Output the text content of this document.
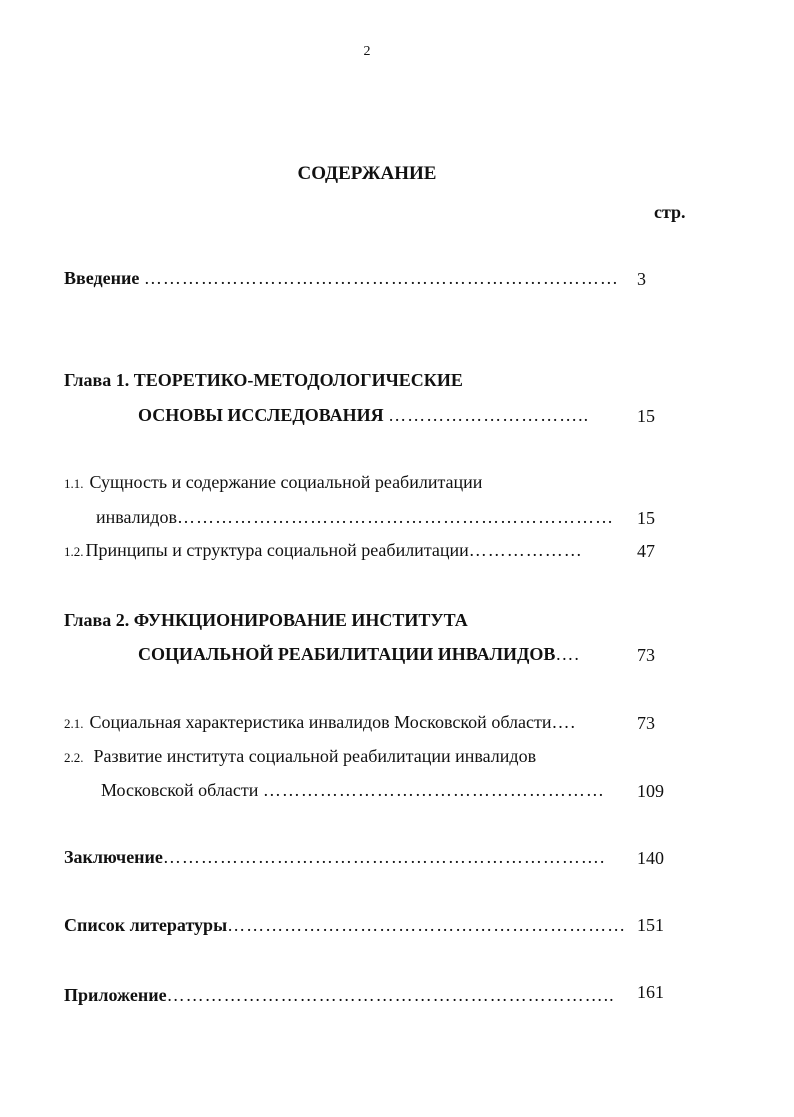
2
СОДЕРЖАНИЕ
стр.
Введение ………………………………………………………………… 3
Глава 1. ТЕОРЕТИКО-МЕТОДОЛОГИЧЕСКИЕ
ОСНОВЫ ИССЛЕДОВАНИЯ …………………………..	15
1.1. Сущность и содержание социальной реабилитации
инвалидов…………………………………………………………… 15
1.2. Принципы и структура социальной реабилитации………………	47
Глава 2. ФУНКЦИОНИРОВАНИЕ ИНСТИТУТА
СОЦИАЛЬНОЙ РЕАБИЛИТАЦИИ ИНВАЛИДОВ….	73
2.1. Социальная характеристика инвалидов Московской области….	73
2.2. Развитие института социальной реабилитации инвалидов
Московской области ……………………………………………… 109
Заключение……………………………………………………………. 140
Список литературы……………………………………………………… 151
Приложение…………………………………………………………….. 161
